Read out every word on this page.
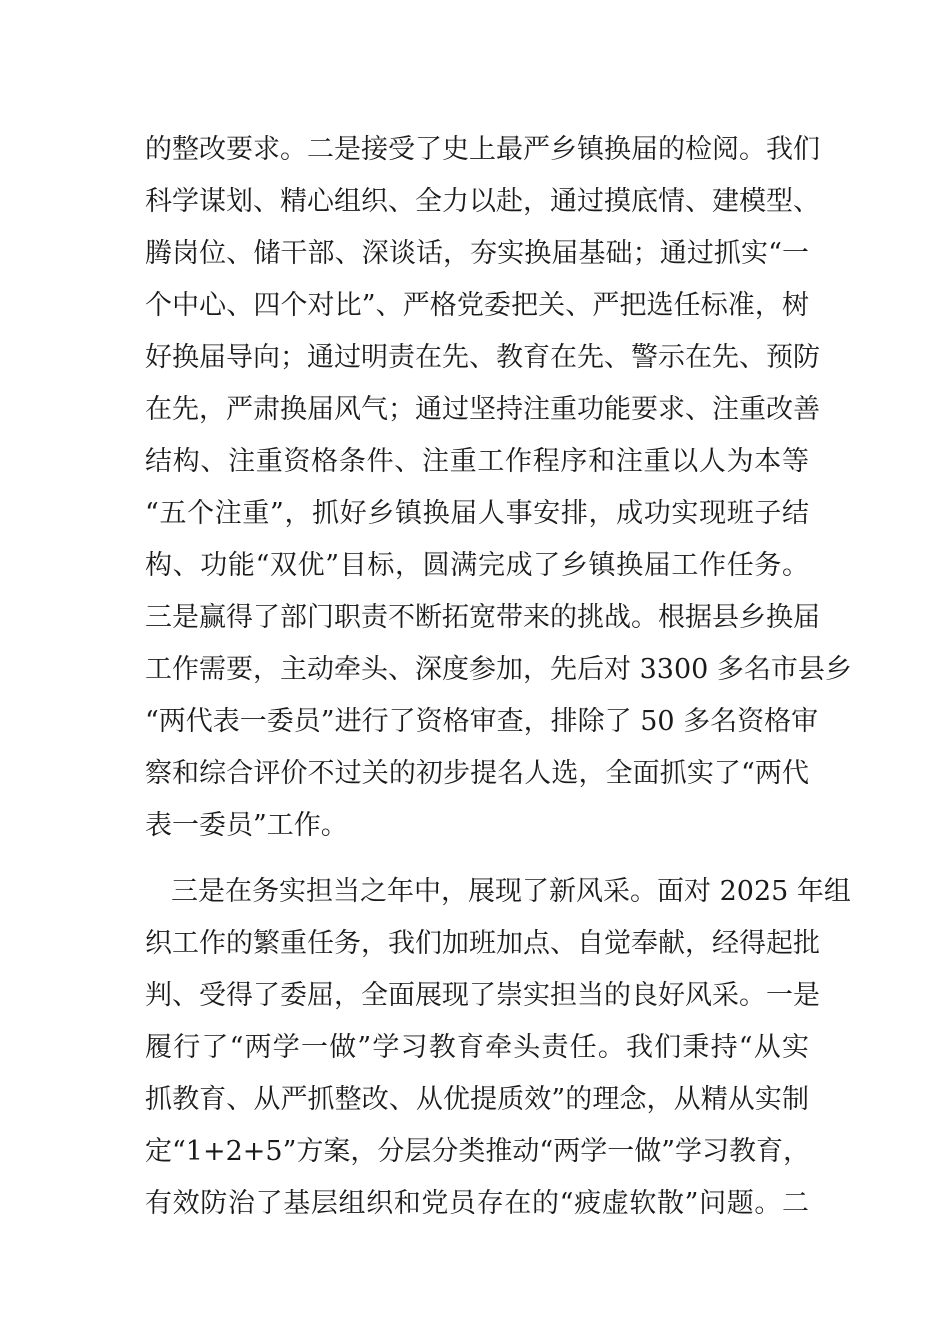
的整改要求。二是接受了史上最严乡镇换届的检阅。我们
科学谋划、精心组织、全力以赴，通过摸底情、建模型、
腾岗位、储干部、深谈话，夯实换届基础；通过抓实“一
个中心、四个对比”、严格党委把关、严把选任标准，树
好换届导向；通过明责在先、教育在先、警示在先、预防
在先，严肃换届风气；通过坚持注重功能要求、注重改善
结构、注重资格条件、注重工作程序和注重以人为本等
“五个注重”，抓好乡镇换届人事安排，成功实现班子结
构、功能“双优”目标，圆满完成了乡镇换届工作任务。
三是赢得了部门职责不断拓宽带来的挑战。根据县乡换届
工作需要，主动牵头、深度参加，先后对 3300 多名市县乡
“两代表一委员”进行了资格审查，排除了 50 多名资格审
察和综合评价不过关的初步提名人选，全面抓实了“两代
表一委员”工作。
三是在务实担当之年中，展现了新风采。面对 2025 年组
织工作的繁重任务，我们加班加点、自觉奉献，经得起批
判、受得了委屈，全面展现了崇实担当的良好风采。一是
履行了“两学一做”学习教育牵头责任。我们秉持“从实
抓教育、从严抓整改、从优提质效”的理念，从精从实制
定“1+2+5”方案，分层分类推动“两学一做”学习教育，
有效防治了基层组织和党员存在的“疲虚软散”问题。二
